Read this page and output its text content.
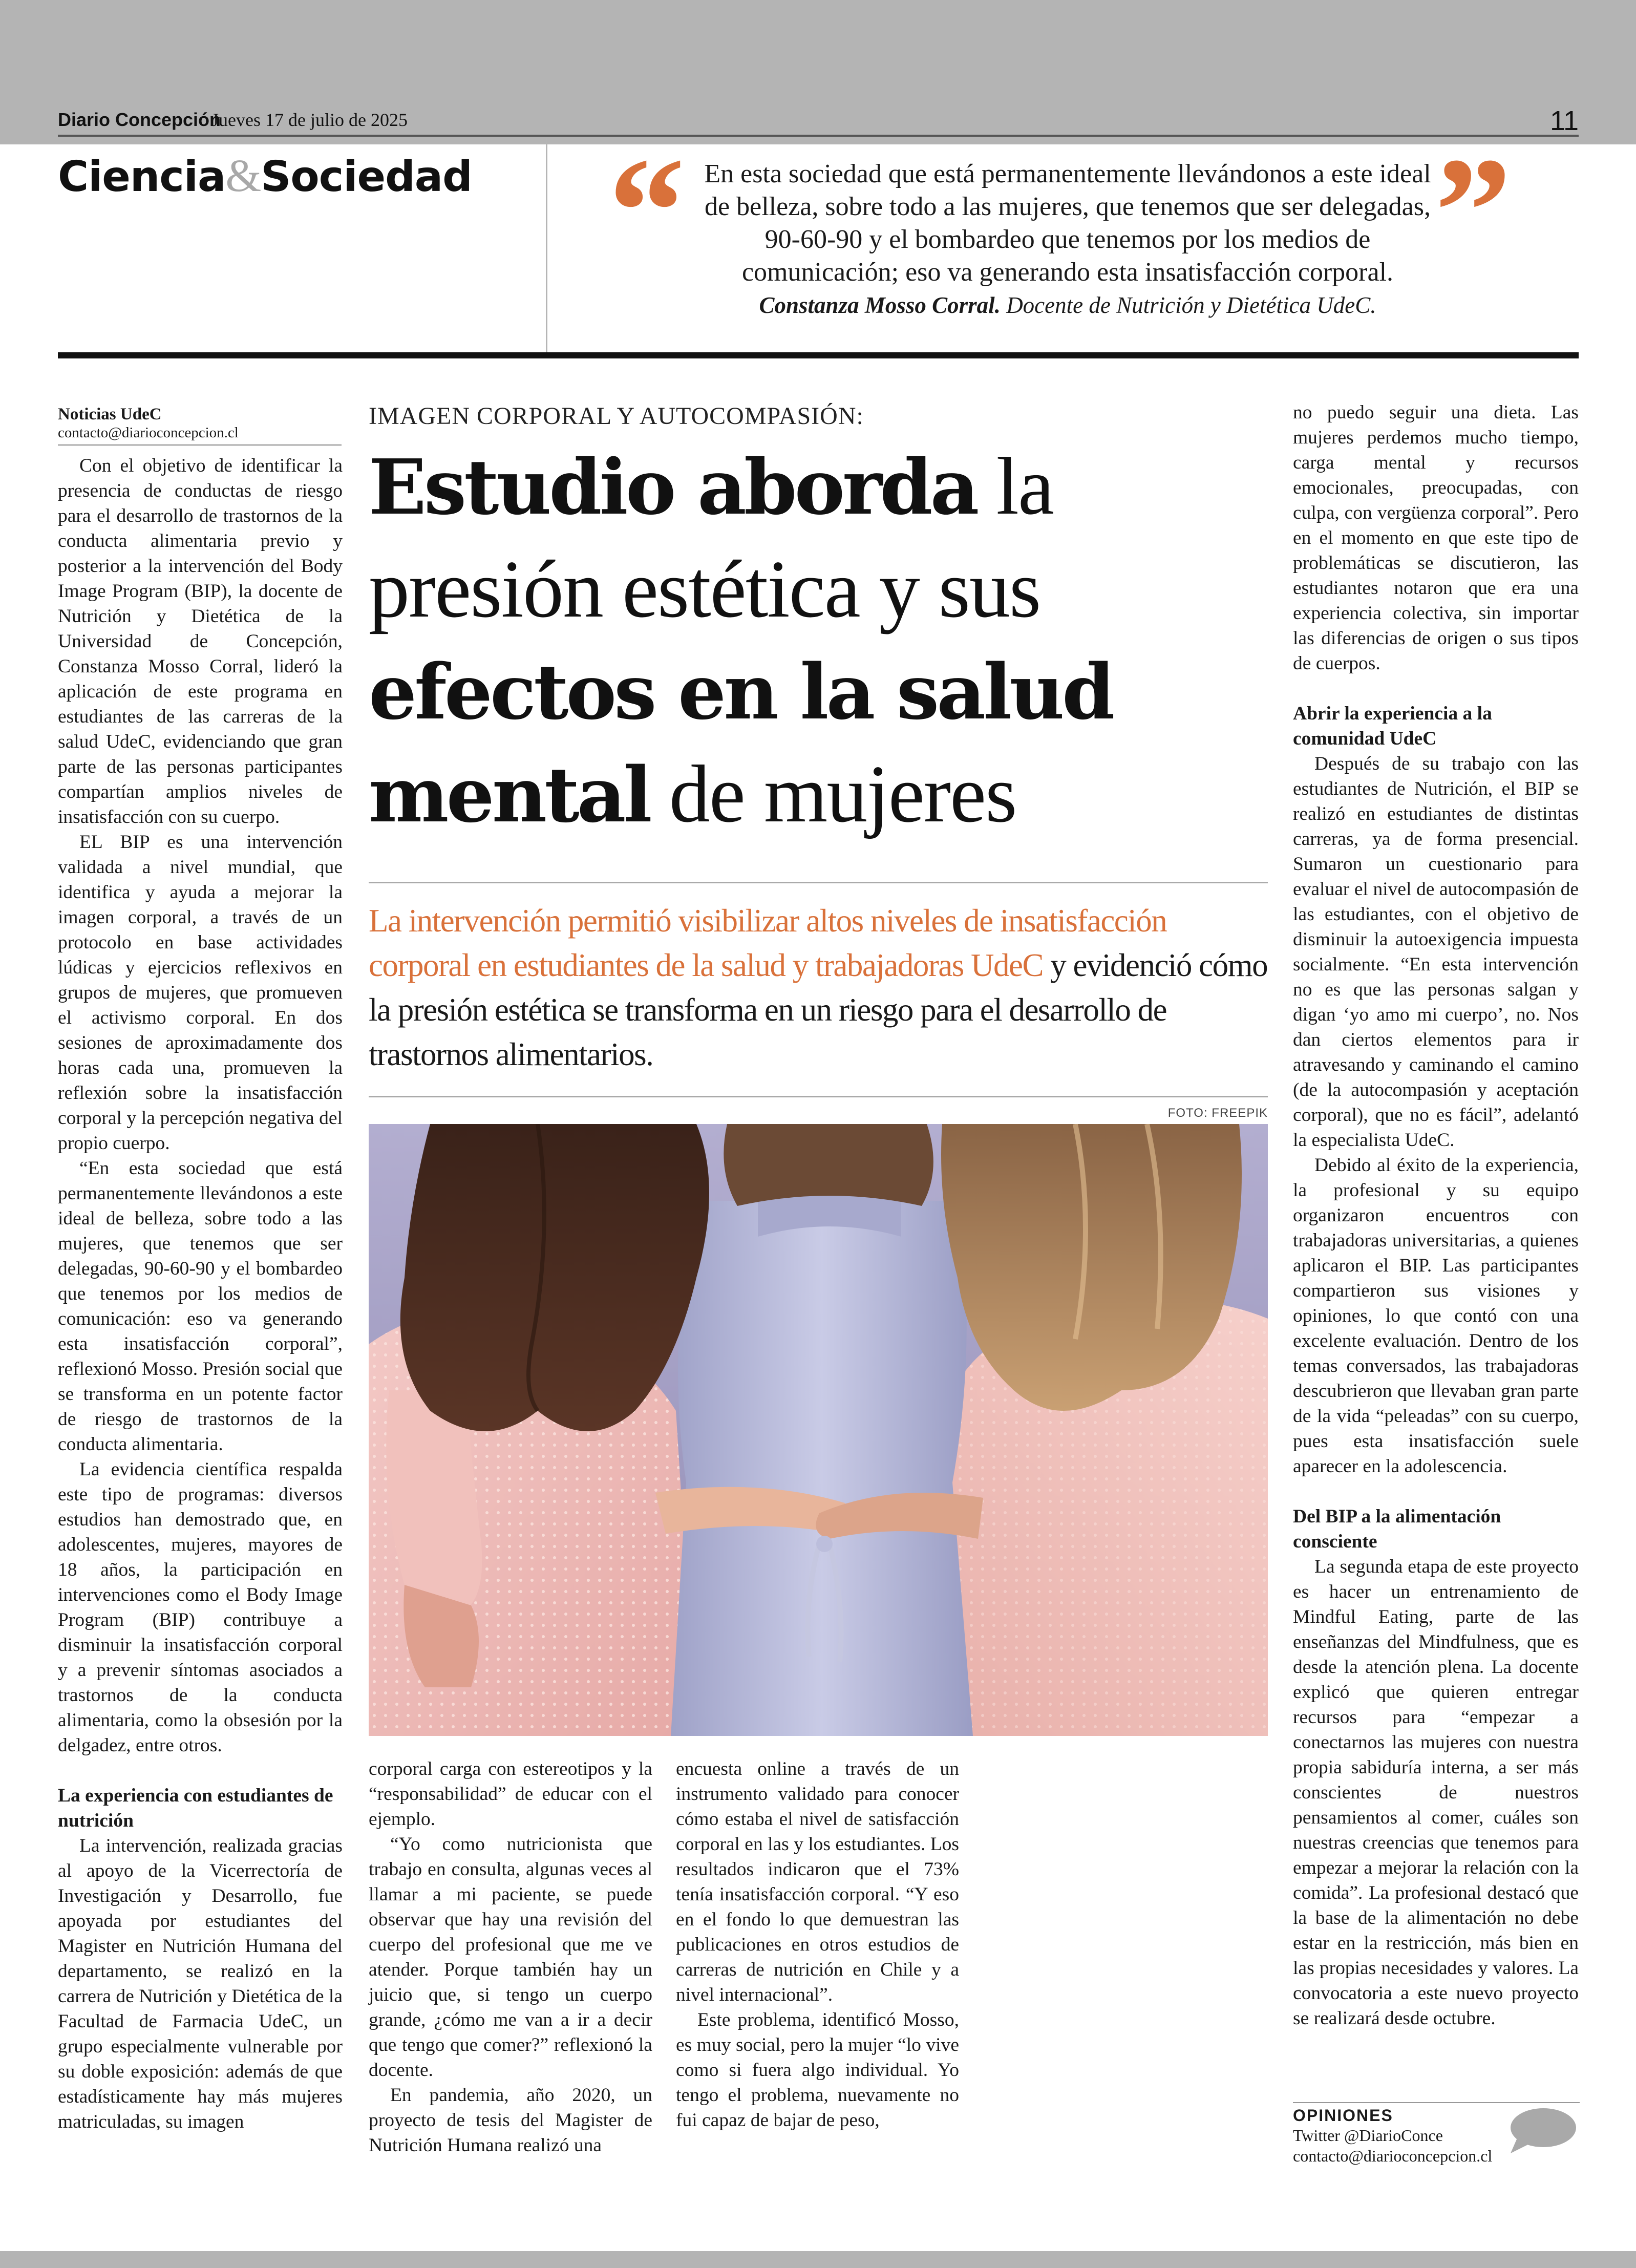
Diario Concepción
Jueves 17 de julio de 2025	11
Ciencia&Sociedad “ En esta sociedad que está permanentemente llevándonos a este ideal de belleza, sobre todo a las mujeres, que tenemos que ser delegadas, 90-60-90 y el bombardeo que tenemos por los medios de comunicación; eso va generando esta insatisfacción corporal.
Constanza Mosso Corral. Docente de Nutrición y Dietética UdeC.
”
Noticias UdeC
contacto@diarioconcepcion.cl

Con el objetivo de identificar la presencia de conductas de riesgo para el desarrollo de trastornos de la conducta alimentaria previo y posterior a la intervención del Body Image Program (BIP), la docente de Nutrición y Dietética de la Universidad de Concepción, Constanza Mosso Corral, lideró la aplicación de este programa en estudiantes de las carreras de la salud UdeC, evidenciando que gran parte de las personas participantes compartían amplios niveles de insatisfacción con su cuerpo.

EL BIP es una intervención validada a nivel mundial, que identifica y ayuda a mejorar la imagen corporal, a través de un protocolo en base actividades lúdicas y ejercicios reflexivos en grupos de mujeres, que promueven el activismo corporal. En dos sesiones de aproximadamente dos horas cada una, promueven la reflexión sobre la insatisfacción corporal y la percepción negativa del propio cuerpo.

“En esta sociedad que está permanentemente llevándonos a este ideal de belleza, sobre todo a las mujeres, que tenemos que ser delegadas, 90-60-90 y el bombardeo que tenemos por los medios de comunicación: eso va generando esta insatisfacción corporal”, reflexionó Mosso. Presión social que se transforma en un potente factor de riesgo de trastornos de la conducta alimentaria.

La evidencia científica respalda este tipo de programas: diversos estudios han demostrado que, en adolescentes, mujeres, mayores de 18 años, la participación en intervenciones como el Body Image Program (BIP) contribuye a disminuir la insatisfacción corporal y a prevenir síntomas asociados a trastornos de la conducta alimentaria, como la obsesión por la delgadez, entre otros.

La experiencia con estudiantes de nutrición

La intervención, realizada gracias al apoyo de la Vicerrectoría de Investigación y Desarrollo, fue apoyada por estudiantes del Magister en Nutrición Humana del departamento, se realizó en la carrera de Nutrición y Dietética de la Facultad de Farmacia UdeC, un grupo especialmente vulnerable por su doble exposición: además de que estadísticamente hay más mujeres matriculadas, su imagen

IMAGEN CORPORAL Y AUTOCOMPASIÓN:
Estudio aborda la
presión estética y sus
efectos en la salud
mental de mujeres
La intervención permitió visibilizar altos niveles de insatisfacción corporal en estudiantes de la salud y trabajadoras UdeC y evidenció cómo la presión estética se transforma en un riesgo para el desarrollo de trastornos alimentarios.
FOTO: FREEPIK

corporal carga con estereotipos y la “responsabilidad” de educar con el ejemplo.

“Yo como nutricionista que trabajo en consulta, algunas veces al llamar a mi paciente, se puede observar que hay una revisión del cuerpo del profesional que me ve atender. Porque también hay un juicio que, si tengo un cuerpo grande, ¿cómo me van a ir a decir que tengo que comer?” reflexionó la docente.

En pandemia, año 2020, un proyecto de tesis del Magister de Nutrición Humana realizó una

encuesta online a través de un instrumento validado para conocer cómo estaba el nivel de satisfacción corporal en las y los estudiantes. Los resultados indicaron que el 73% tenía insatisfacción corporal. “Y eso en el fondo lo que demuestran las publicaciones en otros estudios de carreras de nutrición en Chile y a nivel internacional”.

Este problema, identificó Mosso, es muy social, pero la mujer “lo vive como si fuera algo individual. Yo tengo el problema, nuevamente no fui capaz de bajar de peso,

no puedo seguir una dieta. Las mujeres perdemos mucho tiempo, carga mental y recursos emocionales, preocupadas, con culpa, con vergüenza corporal”. Pero en el momento en que este tipo de problemáticas se discutieron, las estudiantes notaron que era una experiencia colectiva, sin importar las diferencias de origen o sus tipos de cuerpos.

Abrir la experiencia a la comunidad UdeC

Después de su trabajo con las estudiantes de Nutrición, el BIP se realizó en estudiantes de distintas carreras, ya de forma presencial. Sumaron un cuestionario para evaluar el nivel de autocompasión de las estudiantes, con el objetivo de disminuir la autoexigencia impuesta socialmente. “En esta intervención no es que las personas salgan y digan ‘yo amo mi cuerpo’, no. Nos dan ciertos elementos para ir atravesando y caminando el camino (de la autocompasión y aceptación corporal), que no es fácil”, adelantó la especialista UdeC.

Debido al éxito de la experiencia, la profesional y su equipo organizaron encuentros con trabajadoras universitarias, a quienes aplicaron el BIP. Las participantes compartieron sus visiones y opiniones, lo que contó con una excelente evaluación. Dentro de los temas conversados, las trabajadoras descubrieron que llevaban gran parte de la vida “peleadas” con su cuerpo, pues esta insatisfacción suele aparecer en la adolescencia.

Del BIP a la alimentación consciente

La segunda etapa de este proyecto es hacer un entrenamiento de Mindful Eating, parte de las enseñanzas del Mindfulness, que es desde la atención plena. La docente explicó que quieren entregar recursos para “empezar a conectarnos las mujeres con nuestra propia sabiduría interna, a ser más conscientes de nuestros pensamientos al comer, cuáles son nuestras creencias que tenemos para empezar a mejorar la relación con la comida”. La profesional destacó que la base de la alimentación no debe estar en la restricción, más bien en las propias necesidades y valores. La convocatoria a este nuevo proyecto se realizará desde octubre.

OPINIONES
Twitter @DiarioConce
contacto@diarioconcepcion.cl
